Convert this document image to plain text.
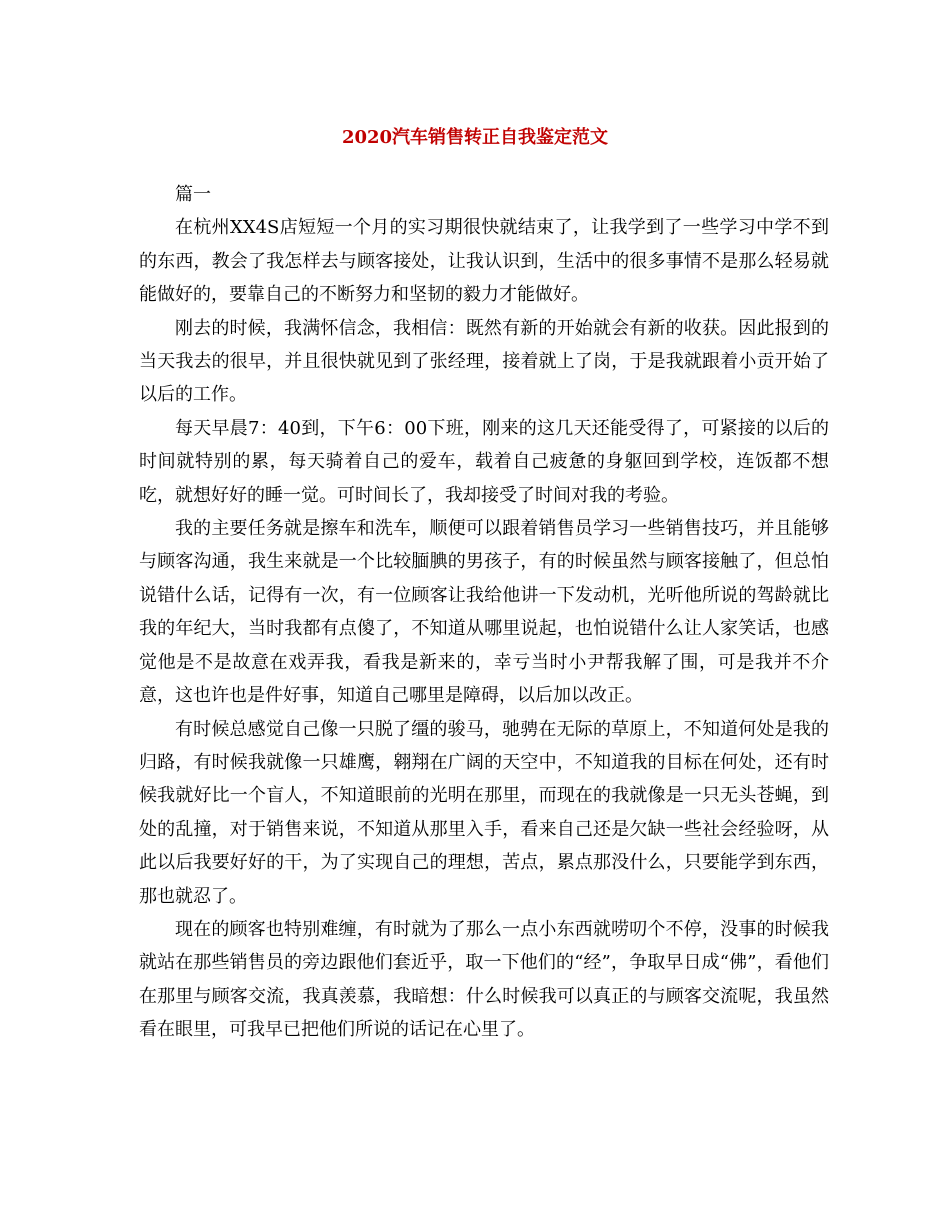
2020汽车销售转正自我鉴定范文

篇一

在杭州XX4S店短短一个月的实习期很快就结束了，让我学到了一些学习中学不到的东西，教会了我怎样去与顾客接处，让我认识到，生活中的很多事情不是那么轻易就能做好的，要靠自己的不断努力和坚韧的毅力才能做好。

刚去的时候，我满怀信念，我相信：既然有新的开始就会有新的收获。因此报到的当天我去的很早，并且很快就见到了张经理，接着就上了岗，于是我就跟着小贡开始了以后的工作。

每天早晨7：40到，下午6：00下班，刚来的这几天还能受得了，可紧接的以后的时间就特别的累，每天骑着自己的爱车，载着自己疲惫的身躯回到学校，连饭都不想吃，就想好好的睡一觉。可时间长了，我却接受了时间对我的考验。

我的主要任务就是擦车和洗车，顺便可以跟着销售员学习一些销售技巧，并且能够与顾客沟通，我生来就是一个比较腼腆的男孩子，有的时候虽然与顾客接触了，但总怕说错什么话，记得有一次，有一位顾客让我给他讲一下发动机，光听他所说的驾龄就比我的年纪大，当时我都有点傻了，不知道从哪里说起，也怕说错什么让人家笑话，也感觉他是不是故意在戏弄我，看我是新来的，幸亏当时小尹帮我解了围，可是我并不介意，这也许也是件好事，知道自己哪里是障碍，以后加以改正。

有时候总感觉自己像一只脱了缰的骏马，驰骋在无际的草原上，不知道何处是我的归路，有时候我就像一只雄鹰，翱翔在广阔的天空中，不知道我的目标在何处，还有时候我就好比一个盲人，不知道眼前的光明在那里，而现在的我就像是一只无头苍蝇，到处的乱撞，对于销售来说，不知道从那里入手，看来自己还是欠缺一些社会经验呀，从此以后我要好好的干，为了实现自己的理想，苦点，累点那没什么，只要能学到东西，那也就忍了。

现在的顾客也特别难缠，有时就为了那么一点小东西就唠叨个不停，没事的时候我就站在那些销售员的旁边跟他们套近乎，取一下他们的“经”，争取早日成“佛”，看他们在那里与顾客交流，我真羡慕，我暗想：什么时候我可以真正的与顾客交流呢，我虽然看在眼里，可我早已把他们所说的话记在心里了。
